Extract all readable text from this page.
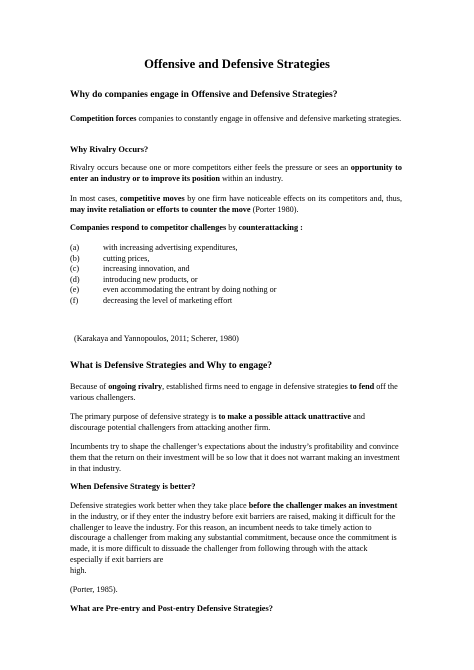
Offensive and Defensive Strategies
Why do companies engage in Offensive and Defensive Strategies?

Competition forces companies to constantly engage in offensive and defensive marketing strategies.

Why Rivalry Occurs?

Rivalry occurs because one or more competitors either feels the pressure or sees an opportunity to enter an industry or to improve its position within an industry.

In most cases, competitive moves by one firm have noticeable effects on its competitors and, thus, may invite retaliation or efforts to counter the move (Porter 1980).

Companies respond to competitor challenges by counterattacking :

(a)	with increasing advertising expenditures,
(b)	cutting prices,
(c)	increasing innovation, and
(d)	introducing new products, or
(e)	even accommodating the entrant by doing nothing or
(f)	decreasing the level of marketing effort

(Karakaya and Yannopoulos, 2011; Scherer, 1980)

What is Defensive Strategies and Why to engage?

Because of ongoing rivalry, established firms need to engage in defensive strategies to fend off the various challengers.

The primary purpose of defensive strategy is to make a possible attack unattractive and discourage potential challengers from attacking another firm.

Incumbents try to shape the challenger’s expectations about the industry’s profitability and convince them that the return on their investment will be so low that it does not warrant making an investment in that industry.

When Defensive Strategy is better?

Defensive strategies work better when they take place before the challenger makes an investment in the industry, or if they enter the industry before exit barriers are raised, making it difficult for the challenger to leave the industry. For this reason, an incumbent needs to take timely action to discourage a challenger from making any substantial commitment, because once the commitment is made, it is more difficult to dissuade the challenger from following through with the attack especially if exit barriers are
high.

(Porter, 1985).

What are Pre-entry and Post-entry Defensive Strategies?
